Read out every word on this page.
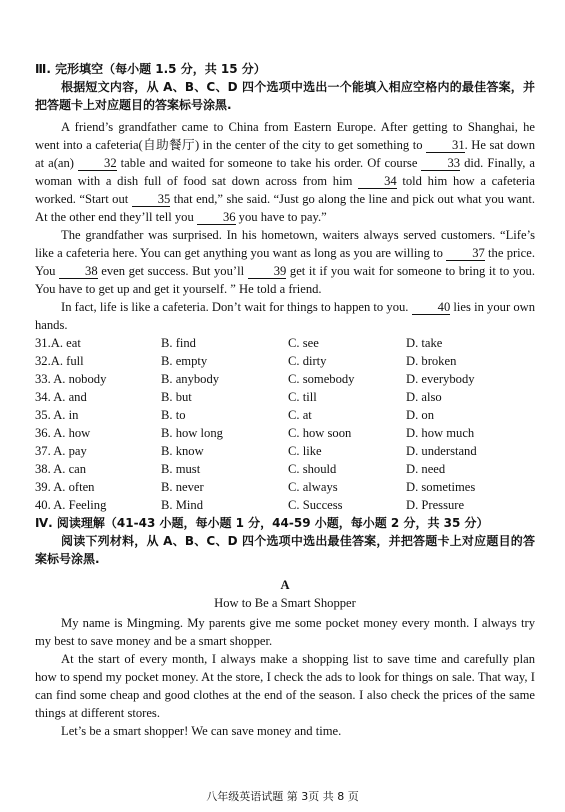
Ⅲ. 完形填空（每小题 1.5 分，共 15 分）

根据短文内容，从 A、B、C、D 四个选项中选出一个能填入相应空格内的最佳答案，并把答题卡上对应题目的答案标号涂黑.

A friend’s grandfather came to China from Eastern Europe. After getting to Shanghai, he went into a cafeteria(自助餐厅) in the center of the city to get something to 31. He sat down at a(an) 32 table and waited for someone to take his order. Of course 33 did. Finally, a woman with a dish full of food sat down across from him 34 told him how a cafeteria worked. “Start out 35 that end,” she said. “Just go along the line and pick out what you want. At the other end they’ll tell you 36 you have to pay.”

The grandfather was surprised. In his hometown, waiters always served customers. “Life’s like a cafeteria here. You can get anything you want as long as you are willing to 37 the price. You 38 even get success. But you’ll 39 get it if you wait for someone to bring it to you. You have to get up and get it yourself. ” He told a friend.

In fact, life is like a cafeteria. Don’t wait for things to happen to you. 40 lies in your own hands.

31.A. eat	B. find	C. see	D. take
32.A. full	B. empty	C. dirty	D. broken
33. A. nobody	B. anybody	C. somebody	D. everybody
34. A. and	B. but	C. till	D. also
35. A. in	B. to	C. at	D. on
36. A. how	B. how long	C. how soon	D. how much
37. A. pay	B. know	C. like	D. understand
38. A. can	B. must	C. should	D. need
39. A. often	B. never	C. always	D. sometimes
40. A. Feeling	B. Mind	C. Success	D. Pressure
Ⅳ. 阅读理解（41-43 小题，每小题 1 分，44-59 小题，每小题 2 分，共 35 分）

阅读下列材料，从 A、B、C、D 四个选项中选出最佳答案，并把答题卡上对应题目的答案标号涂黑.

A
How to Be a Smart Shopper

My name is Mingming. My parents give me some pocket money every month. I always try my best to save money and be a smart shopper.

At the start of every month, I always make a shopping list to save time and carefully plan how to spend my pocket money. At the store, I check the ads to look for things on sale. That way, I can find some cheap and good clothes at the end of the season. I also check the prices of the same things at different stores.

Let’s be a smart shopper! We can save money and time.

八年级英语试题 第 3页 共 8 页
